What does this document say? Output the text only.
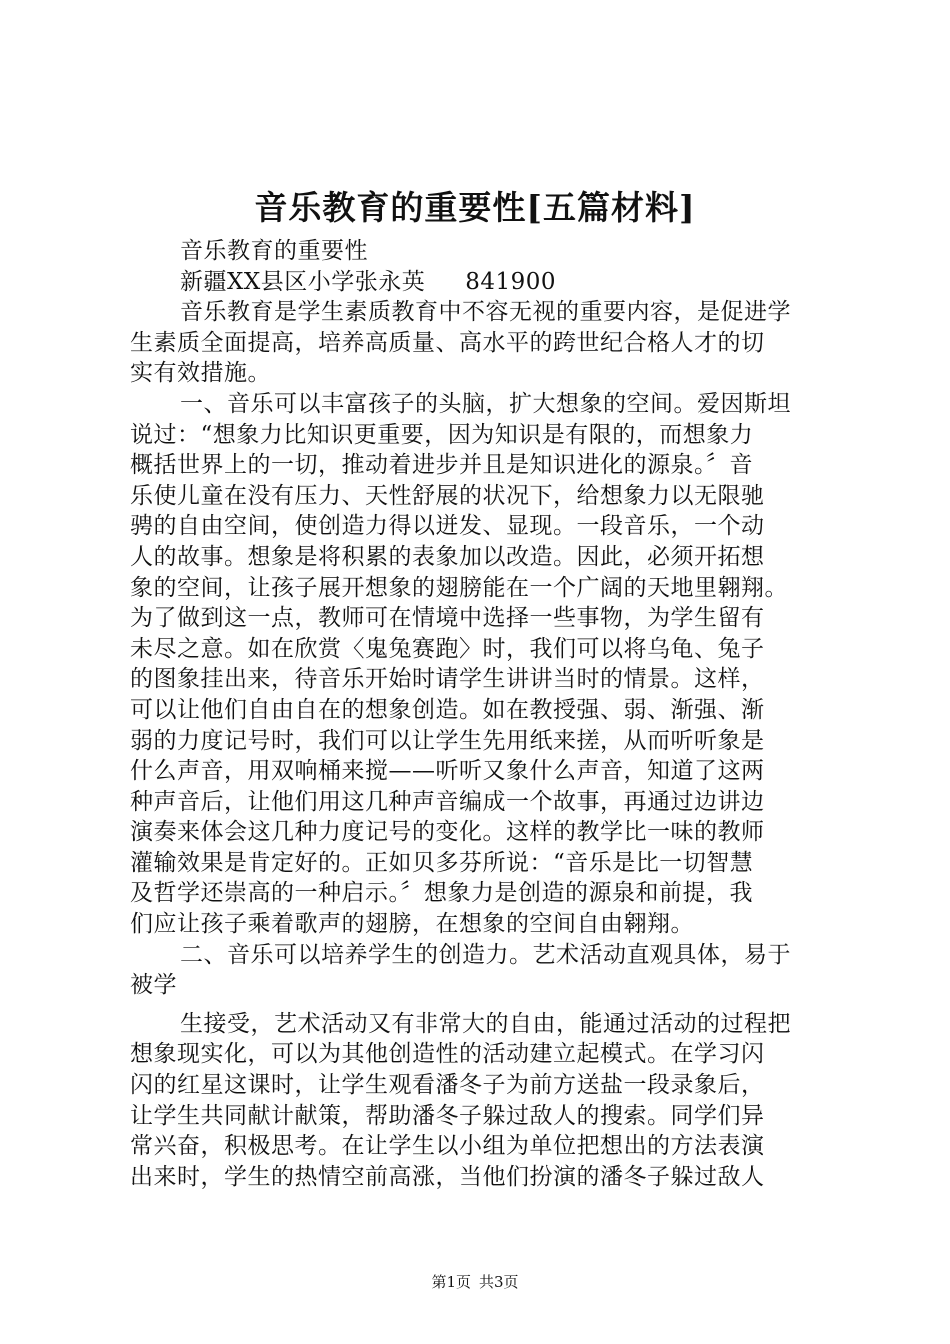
音乐教育的重要性[五篇材料]
音乐教育的重要性
新疆XX县区小学张永英 841900
音乐教育是学生素质教育中不容无视的重要内容，是促进学
生素质全面提高，培养高质量、高水平的跨世纪合格人才的切
实有效措施。
一、音乐可以丰富孩子的头脑，扩大想象的空间。爱因斯坦
说过：“想象力比知识更重要，因为知识是有限的，而想象力
概括世界上的一切，推动着进步并且是知识进化的源泉。〞音
乐使儿童在没有压力、天性舒展的状况下，给想象力以无限驰
骋的自由空间，使创造力得以迸发、显现。一段音乐，一个动
人的故事。想象是将积累的表象加以改造。因此，必须开拓想
象的空间，让孩子展开想象的翅膀能在一个广阔的天地里翱翔。
为了做到这一点，教师可在情境中选择一些事物，为学生留有
未尽之意。如在欣赏〈鬼兔赛跑〉时，我们可以将乌龟、兔子
的图象挂出来，待音乐开始时请学生讲讲当时的情景。这样，
可以让他们自由自在的想象创造。如在教授强、弱、渐强、渐
弱的力度记号时，我们可以让学生先用纸来搓，从而听听象是
什么声音，用双响桶来搅——听听又象什么声音，知道了这两
种声音后，让他们用这几种声音编成一个故事，再通过边讲边
演奏来体会这几种力度记号的变化。这样的教学比一味的教师
灌输效果是肯定好的。正如贝多芬所说：“音乐是比一切智慧
及哲学还崇高的一种启示。〞想象力是创造的源泉和前提，我
们应让孩子乘着歌声的翅膀，在想象的空间自由翱翔。
二、音乐可以培养学生的创造力。艺术活动直观具体，易于
被学
生接受，艺术活动又有非常大的自由，能通过活动的过程把
想象现实化，可以为其他创造性的活动建立起模式。在学习闪
闪的红星这课时，让学生观看潘冬子为前方送盐一段录象后，
让学生共同献计献策，帮助潘冬子躲过敌人的搜索。同学们异
常兴奋，积极思考。在让学生以小组为单位把想出的方法表演
出来时，学生的热情空前高涨，当他们扮演的潘冬子躲过敌人
第1页 共3页
